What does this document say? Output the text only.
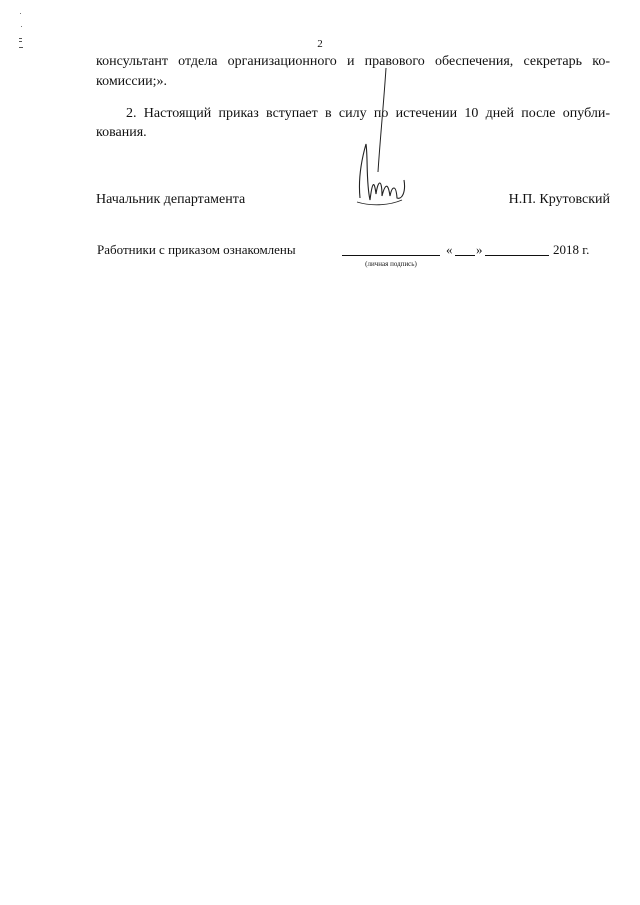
2
консультант отдела организационного и правового обеспечения, секретарь ко-
комиссии;».
2. Настоящий приказ вступает в силу по истечении 10 дней после опубли-
кования.
Начальник департамента	Н.П. Крутовский
Работники с приказом ознакомлены	« »	2018 г.
(личная подпись)
